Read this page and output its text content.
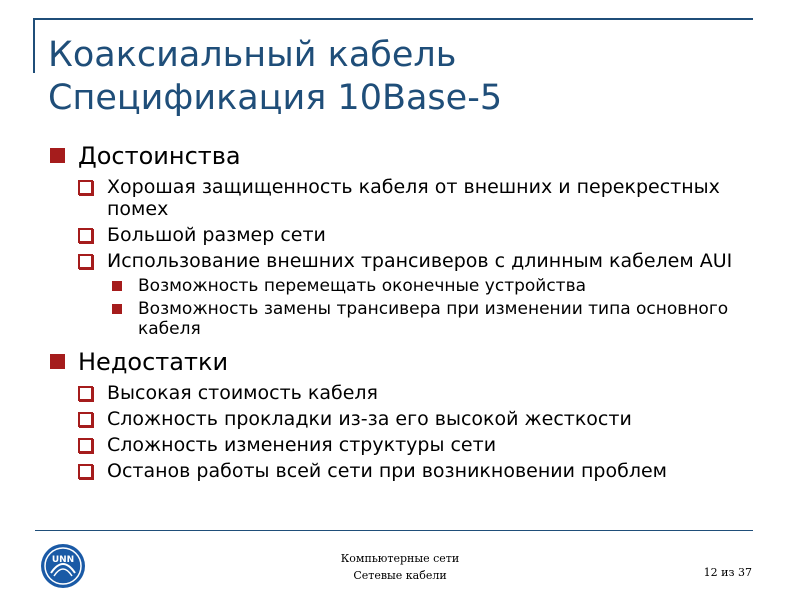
Коаксиальный кабель
Спецификация 10Base-5
Достоинства
Хорошая защищенность кабеля от внешних и перекрестных помех
Большой размер сети
Использование внешних трансиверов с длинным кабелем AUI
Возможность перемещать оконечные устройства
Возможность замены трансивера при изменении типа основного кабеля
Недостатки
Высокая стоимость кабеля
Сложность прокладки из-за его высокой жесткости
Сложность изменения структуры сети
Останов работы всей сети при возникновении проблем
UNN	Компьютерные сети
Сетевые кабели	12 из 37
